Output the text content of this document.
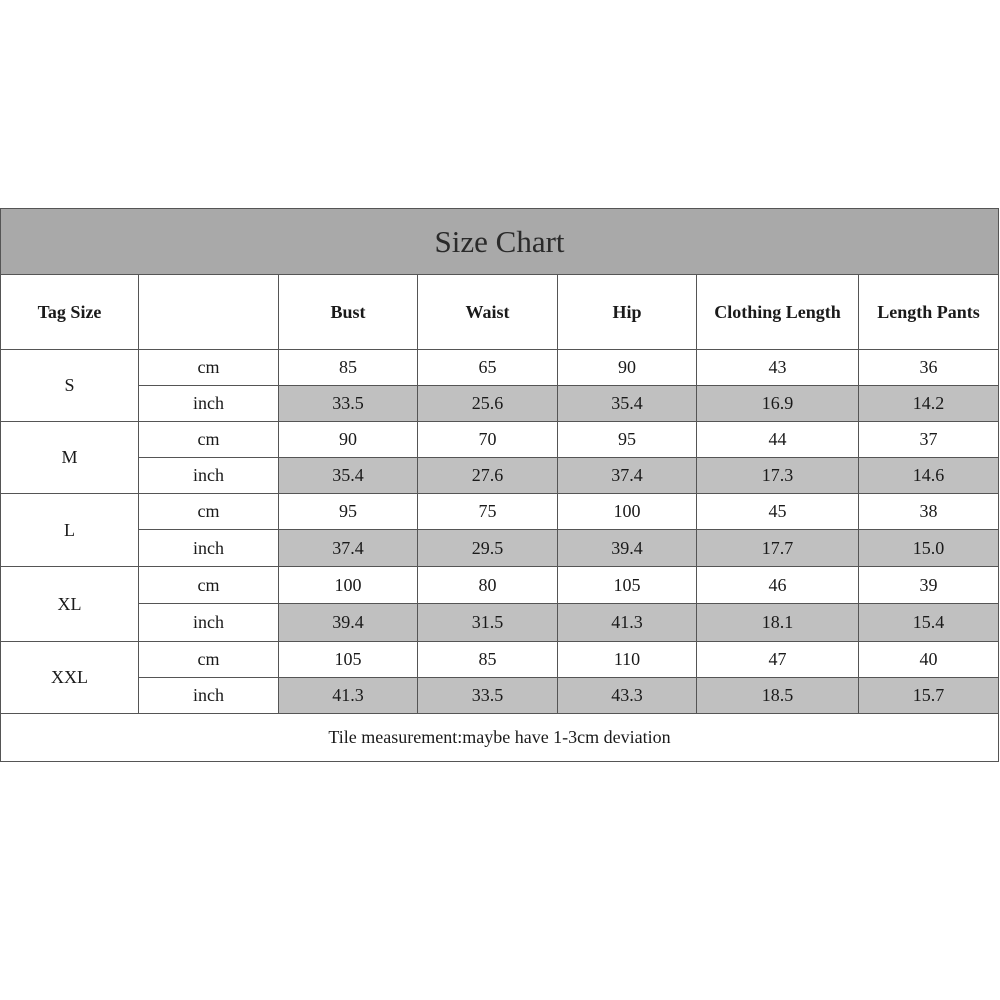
Size Chart						
Tag Size		Bust	Waist	Hip	Clothing Length	Length Pants
S	cm	85	65	90	43	36
	inch	33.5	25.6	35.4	16.9	14.2
M	cm	90	70	95	44	37
	inch	35.4	27.6	37.4	17.3	14.6
L	cm	95	75	100	45	38
	inch	37.4	29.5	39.4	17.7	15.0
XL	cm	100	80	105	46	39
	inch	39.4	31.5	41.3	18.1	15.4
XXL	cm	105	85	110	47	40
	inch	41.3	33.5	43.3	18.5	15.7
Tile measurement:maybe have 1-3cm deviation						
